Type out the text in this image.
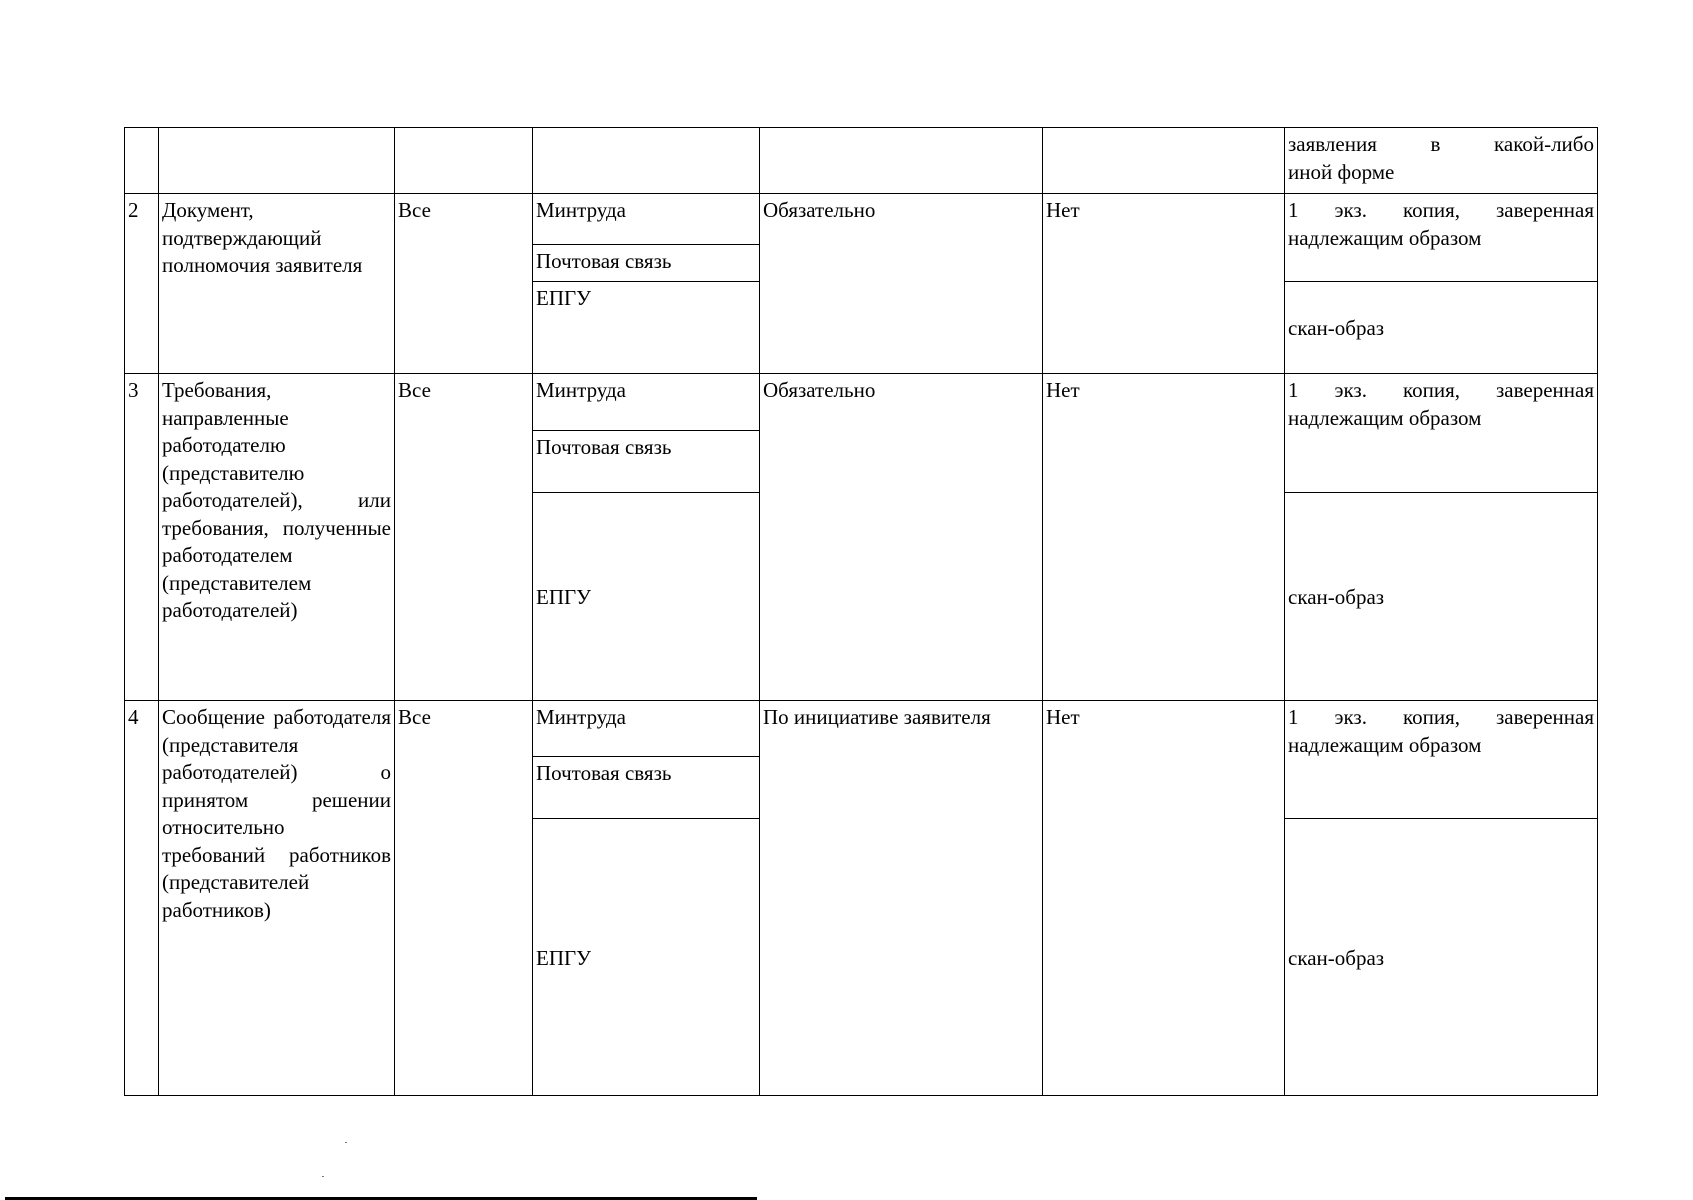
						заявления в какой-либо
иной форме

2	Документ, подтверждающий полномочия заявителя	Все	Минтруда	Обязательно	Нет	1 экз. копия, заверенная надлежащим образом
			Почтовая связь			
			ЕПГУ			скан-образ
3	Требования, направленные работодателю (представителю работодателей), или требования, полученные работодателем (представителем работодателей)	Все	Минтруда	Обязательно	Нет	1 экз. копия, заверенная надлежащим образом
			Почтовая связь			
			ЕПГУ			скан-образ

4	Сообщение работодателя (представителя работодателей) о принятом решении относительно требований работников (представителей работников)	Все	Минтруда	По инициативе заявителя	Нет	1 экз. копия, заверенная надлежащим образом
			Почтовая связь			
			ЕПГУ			скан-образ
